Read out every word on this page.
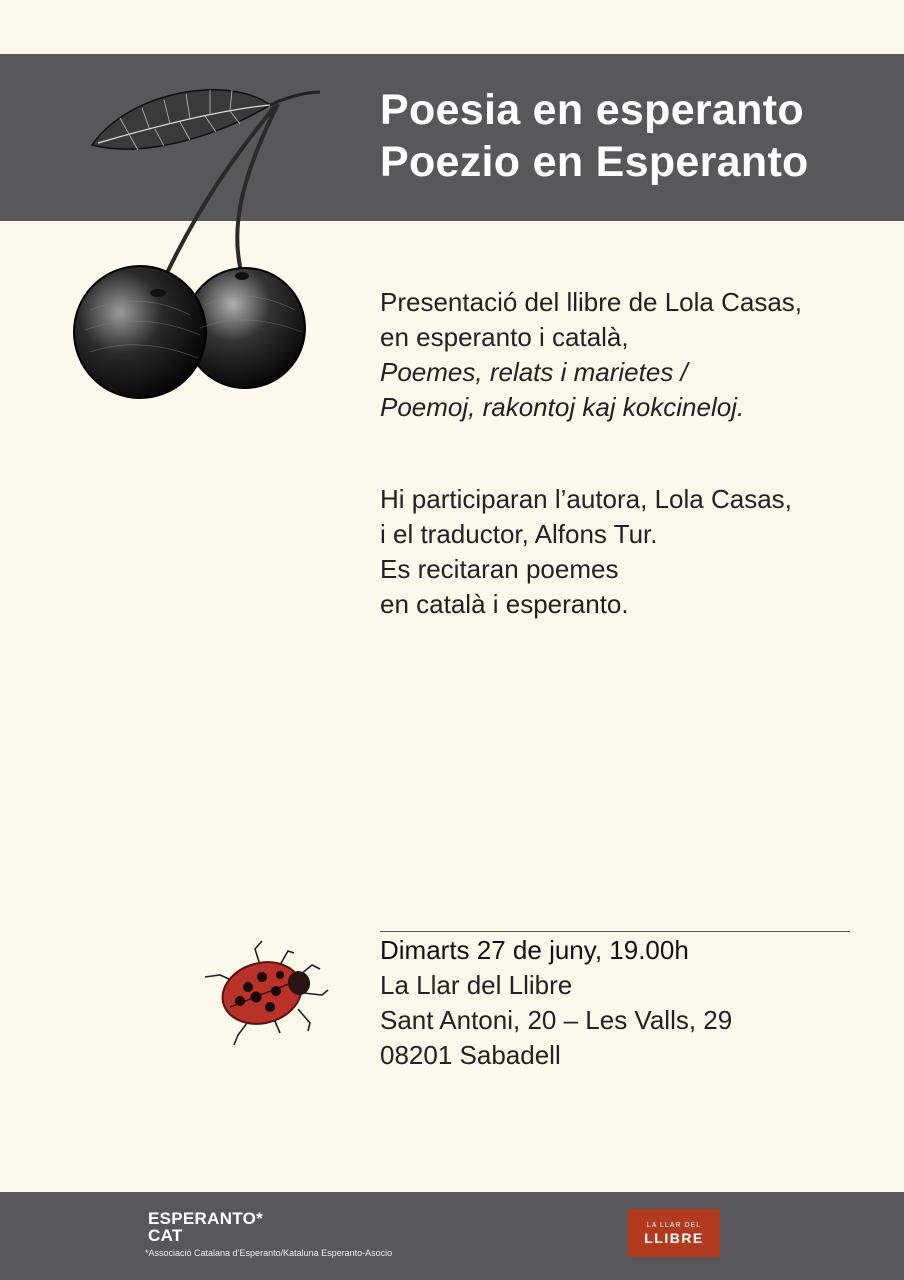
Poesia en esperanto
Poezio en Esperanto
Presentació del llibre de Lola Casas,
en esperanto i català,
Poemes, relats i marietes /
Poemoj, rakontoj kaj kokcineloj.
Hi participaran l’autora, Lola Casas,
i el traductor, Alfons Tur.
Es recitaran poemes
en català i esperanto.
Dimarts 27 de juny, 19.00h
La Llar del Llibre
Sant Antoni, 20 – Les Valls, 29
08201 Sabadell
ESPERANTO*
CAT
*Associació Catalana d’Esperanto/Kataluna Esperanto-Asocio
LA LLAR DEL
LLIBRE
